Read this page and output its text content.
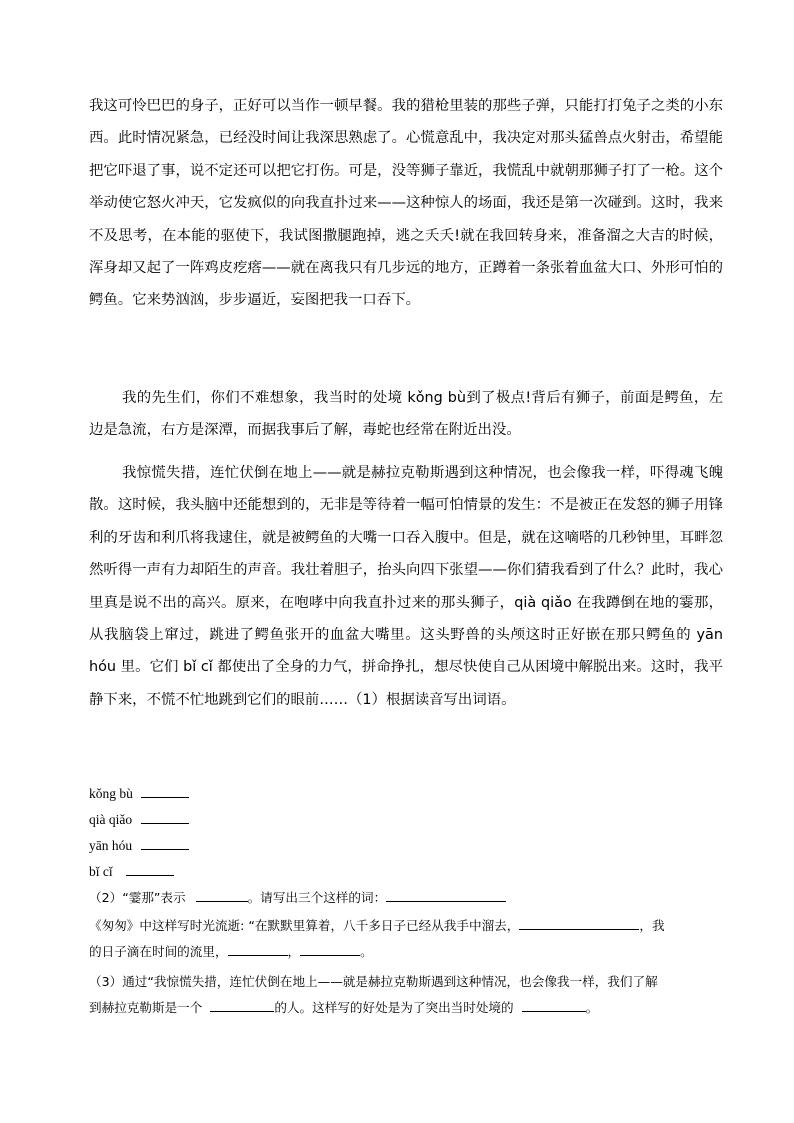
我这可怜巴巴的身子，正好可以当作一顿早餐。我的猎枪里装的那些子弹，只能打打兔子之类的小东西。此时情况紧急，已经没时间让我深思熟虑了。心慌意乱中，我决定对那头猛兽点火射击，希望能把它吓退了事，说不定还可以把它打伤。可是，没等狮子靠近，我慌乱中就朝那狮子打了一枪。这个举动使它怒火冲天，它发疯似的向我直扑过来——这种惊人的场面，我还是第一次碰到。这时，我来不及思考，在本能的驱使下，我试图撒腿跑掉，逃之夭夭!就在我回转身来，准备溜之大吉的时候，浑身却又起了一阵鸡皮疙瘩——就在离我只有几步远的地方，正蹲着一条张着血盆大口、外形可怕的鳄鱼。它来势汹汹，步步逼近，妄图把我一口吞下。

我的先生们，你们不难想象，我当时的处境 kǒng bù到了极点!背后有狮子，前面是鳄鱼，左边是急流，右方是深潭，而据我事后了解，毒蛇也经常在附近出没。

我惊慌失措，连忙伏倒在地上——就是赫拉克勒斯遇到这种情况，也会像我一样，吓得魂飞魄散。这时候，我头脑中还能想到的，无非是等待着一幅可怕情景的发生：不是被正在发怒的狮子用锋利的牙齿和利爪将我逮住，就是被鳄鱼的大嘴一口吞入腹中。但是，就在这嘀嗒的几秒钟里，耳畔忽然听得一声有力却陌生的声音。我壮着胆子，抬头向四下张望——你们猜我看到了什么？此时，我心里真是说不出的高兴。原来，在咆哮中向我直扑过来的那头狮子，qià qiǎo 在我蹲倒在地的霎那，从我脑袋上窜过，跳进了鳄鱼张开的血盆大嘴里。这头野兽的头颅这时正好嵌在那只鳄鱼的 yān hóu 里。它们 bǐ cǐ 都使出了全身的力气，拼命挣扎，想尽快使自己从困境中解脱出来。这时，我平静下来，不慌不忙地跳到它们的眼前……（1）根据读音写出词语。

kǒng bù
qià qiǎo
yān hóu
bǐ cǐ
（2）“霎那”表示	。请写出三个这样的词：
《匆匆》中这样写时光流逝: “在默默里算着，八千多日子已经从我手中溜去，	，我
的日子滴在时间的流里，	，	。
（3）通过“我惊慌失措，连忙伏倒在地上——就是赫拉克勒斯遇到这种情况，也会像我一样，我们了解
到赫拉克勒斯是一个	的人。这样写的好处是为了突出当时处境的	。
